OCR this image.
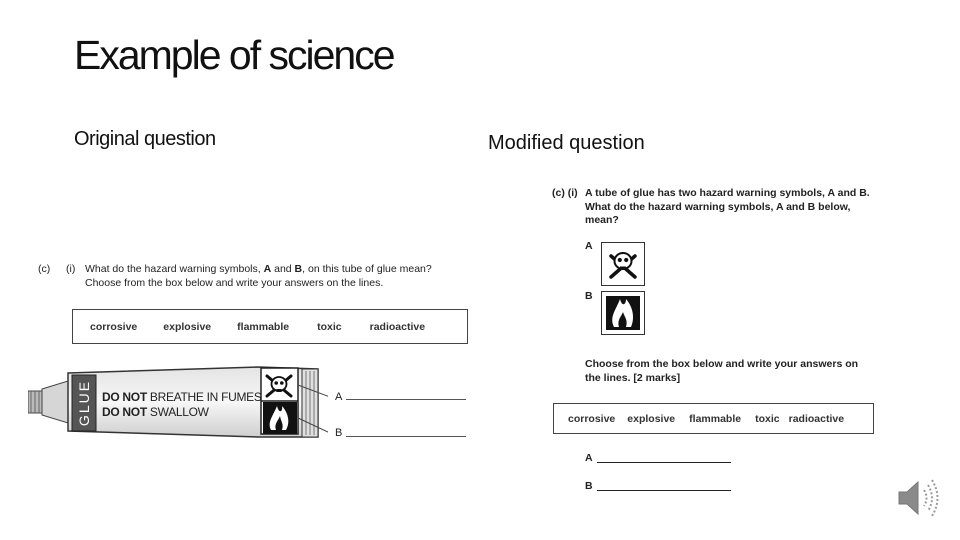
Example of science
Original question	Modified question
(c) (i) What do the hazard warning symbols, A and B, on this tube of glue mean?
Choose from the box below and write your answers on the lines.
corrosive explosive flammable	toxic	radioactive
GLUE DO NOT BREATHE IN FUMES
DO NOT SWALLOW
A
B
(c) (i) A tube of glue has two hazard warning symbols, A and B. What do the hazard warning symbols, A and B below, mean?
A
B
Choose from the box below and write your answers on the lines. [2 marks]
corrosive explosive flammable toxic radioactive
A
B
